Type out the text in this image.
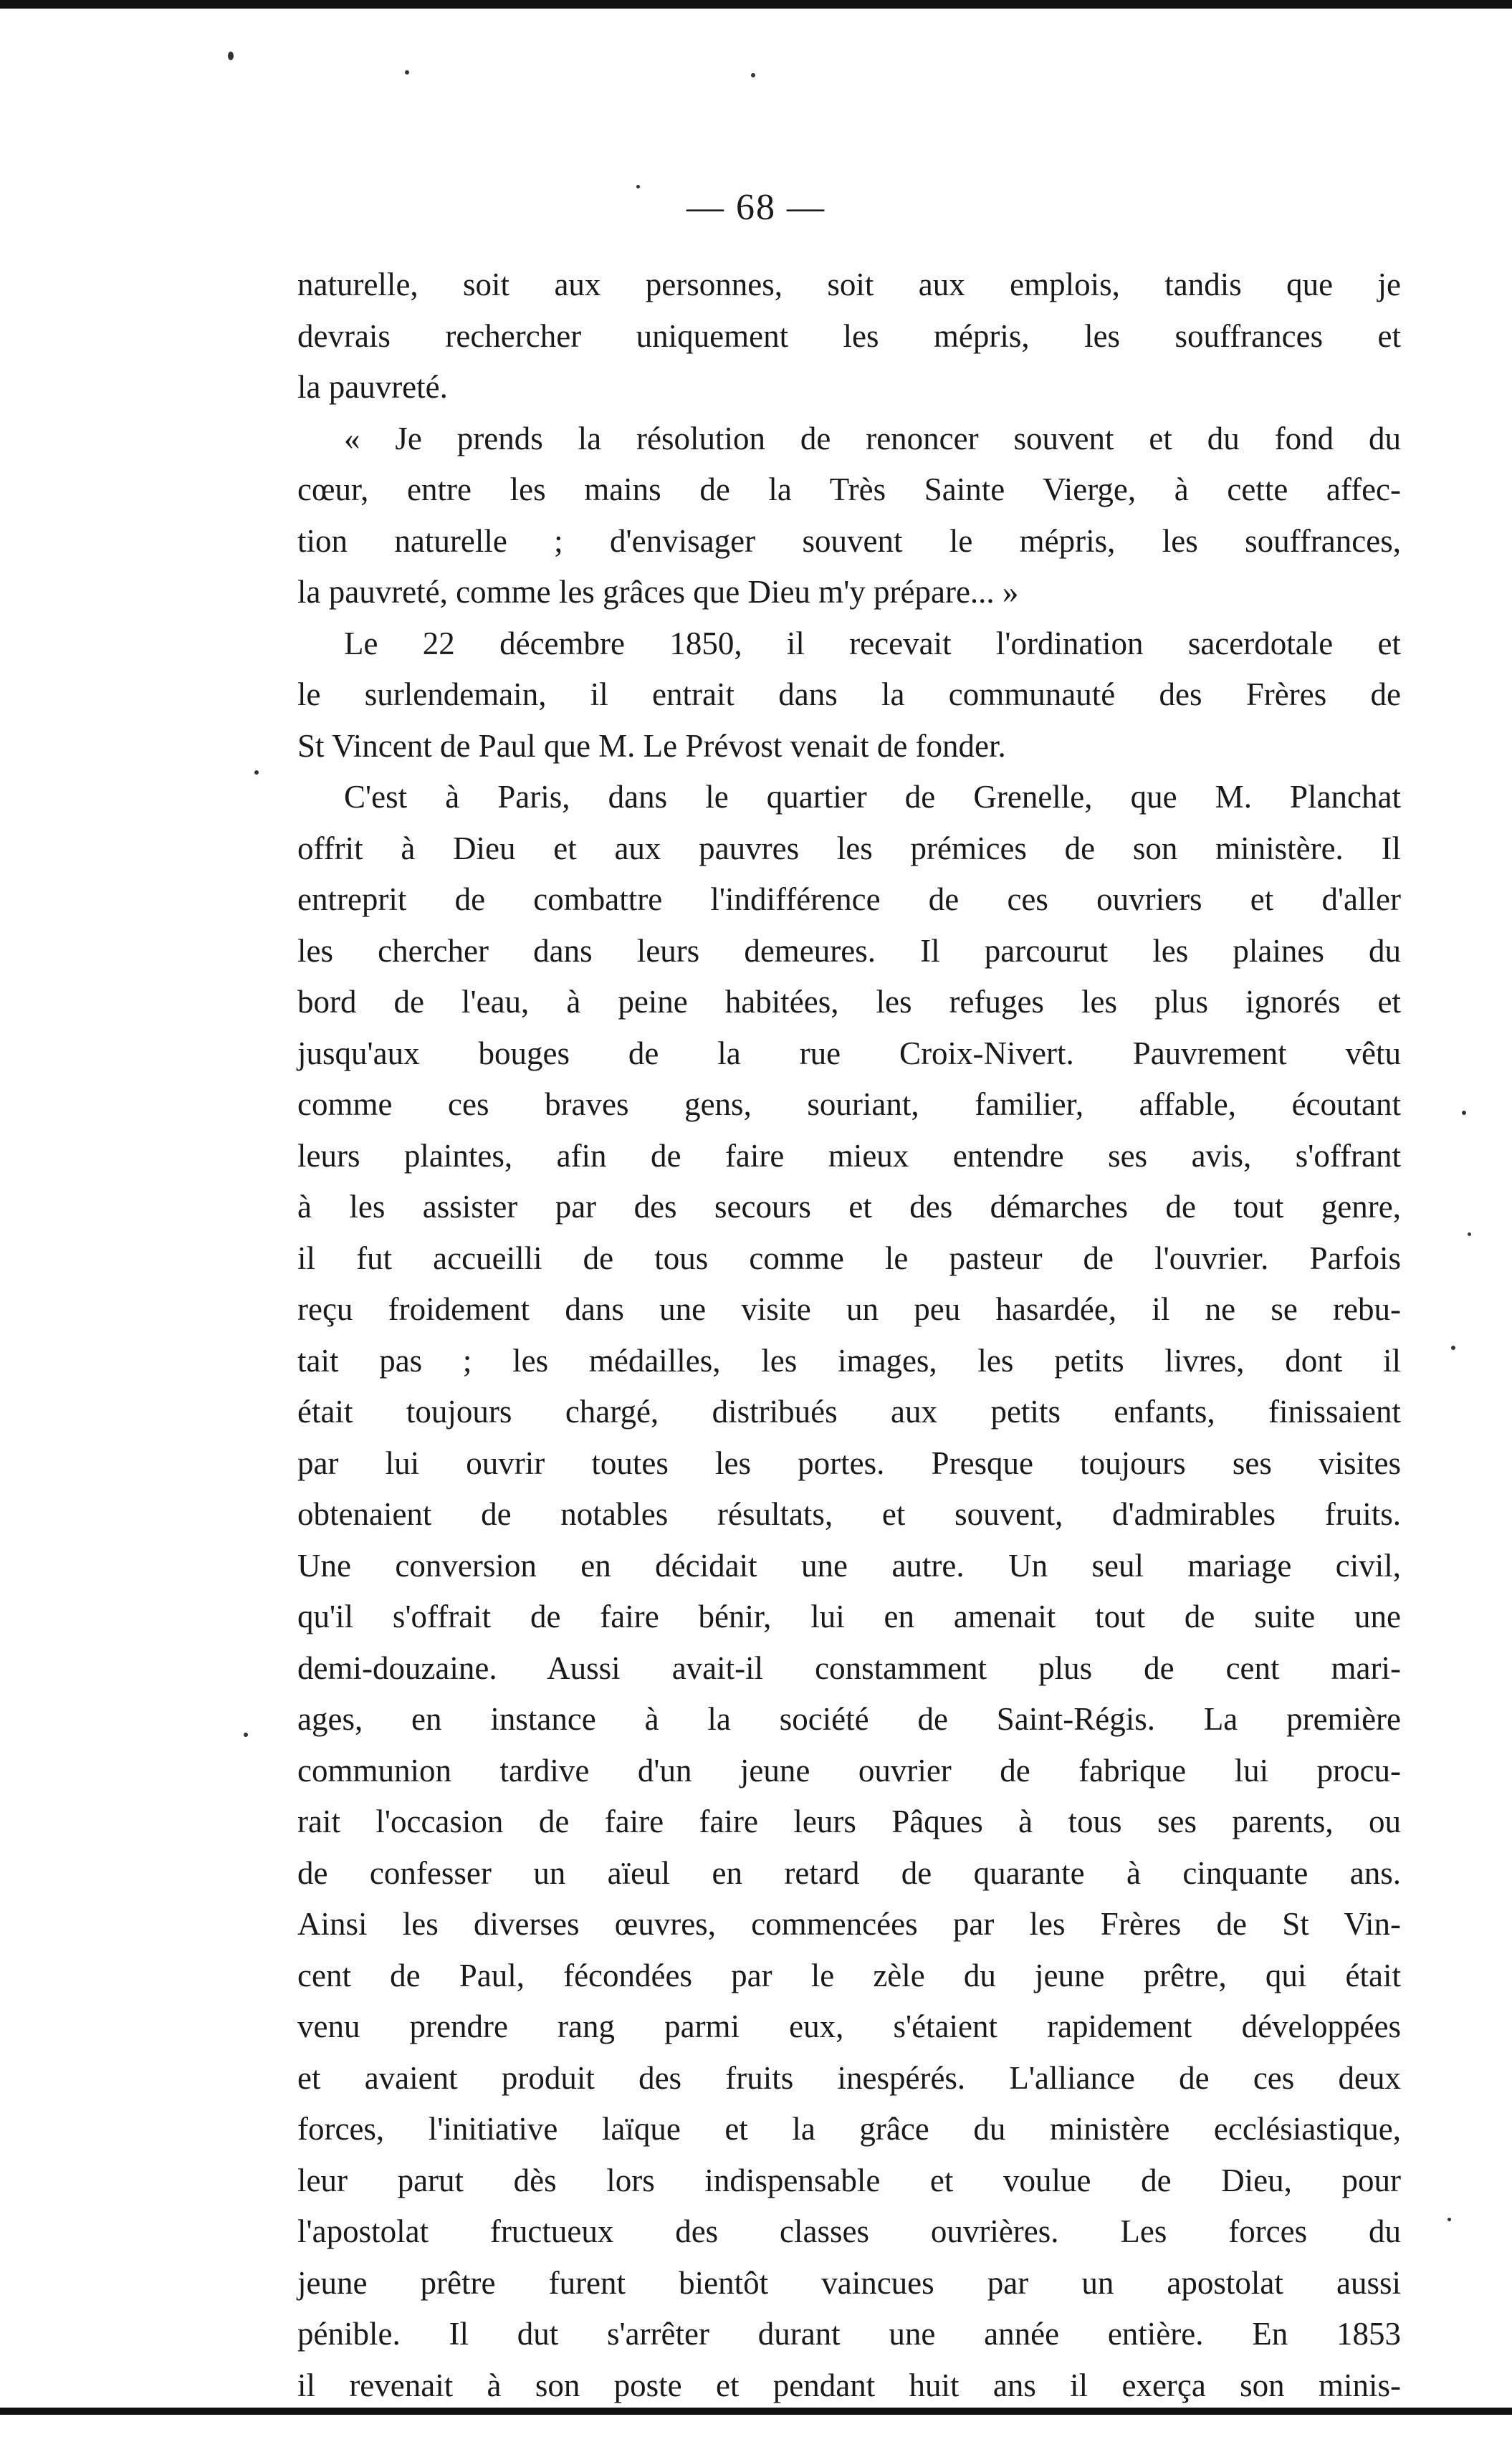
— 68 —
naturelle, soit aux personnes, soit aux emplois, tandis que je
devrais rechercher uniquement les mépris, les souffrances et
la pauvreté.
« Je prends la résolution de renoncer souvent et du fond du
cœur, entre les mains de la Très Sainte Vierge, à cette affec-
tion naturelle ; d'envisager souvent le mépris, les souffrances,
la pauvreté, comme les grâces que Dieu m'y prépare... »
Le 22 décembre 1850, il recevait l'ordination sacerdotale et
le surlendemain, il entrait dans la communauté des Frères de
St Vincent de Paul que M. Le Prévost venait de fonder.
C'est à Paris, dans le quartier de Grenelle, que M. Planchat
offrit à Dieu et aux pauvres les prémices de son ministère. Il
entreprit de combattre l'indifférence de ces ouvriers et d'aller
les chercher dans leurs demeures. Il parcourut les plaines du
bord de l'eau, à peine habitées, les refuges les plus ignorés et
jusqu'aux bouges de la rue Croix-Nivert. Pauvrement vêtu
comme ces braves gens, souriant, familier, affable, écoutant
leurs plaintes, afin de faire mieux entendre ses avis, s'offrant
à les assister par des secours et des démarches de tout genre,
il fut accueilli de tous comme le pasteur de l'ouvrier. Parfois
reçu froidement dans une visite un peu hasardée, il ne se rebu-
tait pas ; les médailles, les images, les petits livres, dont il
était toujours chargé, distribués aux petits enfants, finissaient
par lui ouvrir toutes les portes. Presque toujours ses visites
obtenaient de notables résultats, et souvent, d'admirables fruits.
Une conversion en décidait une autre. Un seul mariage civil,
qu'il s'offrait de faire bénir, lui en amenait tout de suite une
demi-douzaine. Aussi avait-il constamment plus de cent mari-
ages, en instance à la société de Saint-Régis. La première
communion tardive d'un jeune ouvrier de fabrique lui procu-
rait l'occasion de faire faire leurs Pâques à tous ses parents, ou
de confesser un aïeul en retard de quarante à cinquante ans.
Ainsi les diverses œuvres, commencées par les Frères de St Vin-
cent de Paul, fécondées par le zèle du jeune prêtre, qui était
venu prendre rang parmi eux, s'étaient rapidement développées
et avaient produit des fruits inespérés. L'alliance de ces deux
forces, l'initiative laïque et la grâce du ministère ecclésiastique,
leur parut dès lors indispensable et voulue de Dieu, pour
l'apostolat fructueux des classes ouvrières. Les forces du
jeune prêtre furent bientôt vaincues par un apostolat aussi
pénible. Il dut s'arrêter durant une année entière. En 1853
il revenait à son poste et pendant huit ans il exerça son minis-
